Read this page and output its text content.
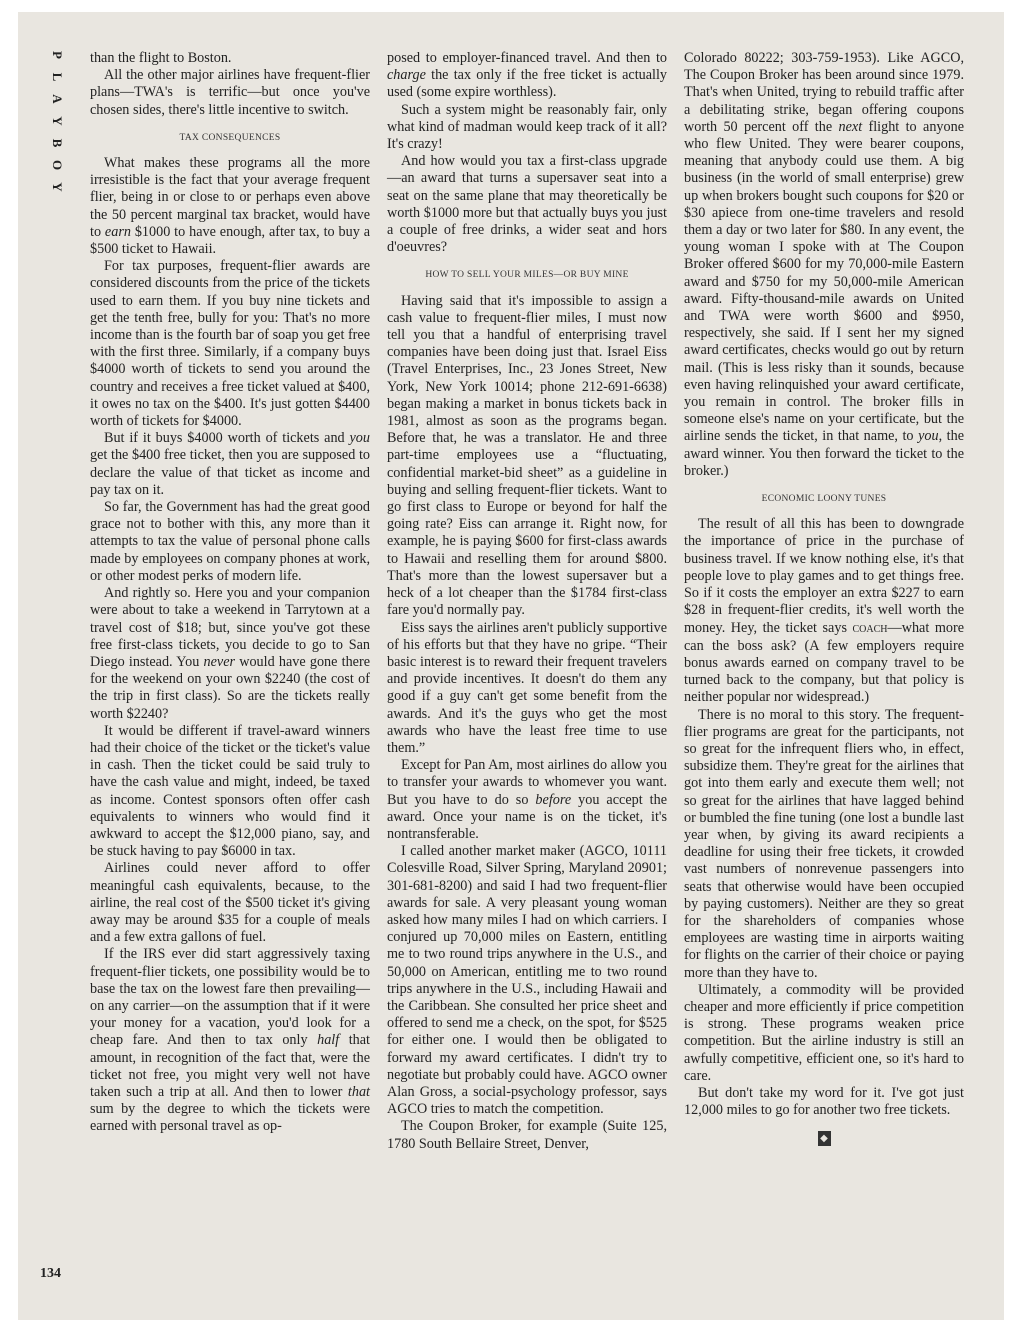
P
L
A
Y
B
O
Y

than the flight to Boston.

All the other major airlines have frequent-flier plans—TWA's is terrific—but once you've chosen sides, there's little incentive to switch.

TAX CONSEQUENCES

What makes these programs all the more irresistible is the fact that your average frequent flier, being in or close to or perhaps even above the 50 percent marginal tax bracket, would have to earn $1000 to have enough, after tax, to buy a $500 ticket to Hawaii.

For tax purposes, frequent-flier awards are considered discounts from the price of the tickets used to earn them. If you buy nine tickets and get the tenth free, bully for you: That's no more income than is the fourth bar of soap you get free with the first three. Similarly, if a company buys $4000 worth of tickets to send you around the country and receives a free ticket valued at $400, it owes no tax on the $400. It's just gotten $4400 worth of tickets for $4000.

But if it buys $4000 worth of tickets and you get the $400 free ticket, then you are supposed to declare the value of that ticket as income and pay tax on it.

So far, the Government has had the great good grace not to bother with this, any more than it attempts to tax the value of personal phone calls made by employees on company phones at work, or other modest perks of modern life.

And rightly so. Here you and your companion were about to take a weekend in Tarrytown at a travel cost of $18; but, since you've got these free first-class tickets, you decide to go to San Diego instead. You never would have gone there for the weekend on your own $2240 (the cost of the trip in first class). So are the tickets really worth $2240?

It would be different if travel-award winners had their choice of the ticket or the ticket's value in cash. Then the ticket could be said truly to have the cash value and might, indeed, be taxed as income. Contest sponsors often offer cash equivalents to winners who would find it awkward to accept the $12,000 piano, say, and be stuck having to pay $6000 in tax.

Airlines could never afford to offer meaningful cash equivalents, because, to the airline, the real cost of the $500 ticket it's giving away may be around $35 for a couple of meals and a few extra gallons of fuel.

If the IRS ever did start aggressively taxing frequent-flier tickets, one possibility would be to base the tax on the lowest fare then prevailing—on any carrier—on the assumption that if it were your money for a vacation, you'd look for a cheap fare. And then to tax only half that amount, in recognition of the fact that, were the ticket not free, you might very well not have taken such a trip at all. And then to lower that sum by the degree to which the tickets were earned with personal travel as op-

posed to employer-financed travel. And then to charge the tax only if the free ticket is actually used (some expire worthless).

Such a system might be reasonably fair, only what kind of madman would keep track of it all? It's crazy!

And how would you tax a first-class upgrade—an award that turns a supersaver seat into a seat on the same plane that may theoretically be worth $1000 more but that actually buys you just a couple of free drinks, a wider seat and hors d'oeuvres?

HOW TO SELL YOUR MILES—OR BUY MINE

Having said that it's impossible to assign a cash value to frequent-flier miles, I must now tell you that a handful of enterprising travel companies have been doing just that. Israel Eiss (Travel Enterprises, Inc., 23 Jones Street, New York, New York 10014; phone 212-691-6638) began making a market in bonus tickets back in 1981, almost as soon as the programs began. Before that, he was a translator. He and three part-time employees use a “fluctuating, confidential market-bid sheet” as a guideline in buying and selling frequent-flier tickets. Want to go first class to Europe or beyond for half the going rate? Eiss can arrange it. Right now, for example, he is paying $600 for first-class awards to Hawaii and reselling them for around $800. That's more than the lowest supersaver but a heck of a lot cheaper than the $1784 first-class fare you'd normally pay.

Eiss says the airlines aren't publicly supportive of his efforts but that they have no gripe. “Their basic interest is to reward their frequent travelers and provide incentives. It doesn't do them any good if a guy can't get some benefit from the awards. And it's the guys who get the most awards who have the least free time to use them.”

Except for Pan Am, most airlines do allow you to transfer your awards to whomever you want. But you have to do so before you accept the award. Once your name is on the ticket, it's nontransferable.

I called another market maker (AGCO, 10111 Colesville Road, Silver Spring, Maryland 20901; 301-681-8200) and said I had two frequent-flier awards for sale. A very pleasant young woman asked how many miles I had on which carriers. I conjured up 70,000 miles on Eastern, entitling me to two round trips anywhere in the U.S., and 50,000 on American, entitling me to two round trips anywhere in the U.S., including Hawaii and the Caribbean. She consulted her price sheet and offered to send me a check, on the spot, for $525 for either one. I would then be obligated to forward my award certificates. I didn't try to negotiate but probably could have. AGCO owner Alan Gross, a social-psychology professor, says AGCO tries to match the competition.

The Coupon Broker, for example (Suite 125, 1780 South Bellaire Street, Denver,

Colorado 80222; 303-759-1953). Like AGCO, The Coupon Broker has been around since 1979. That's when United, trying to rebuild traffic after a debilitating strike, began offering coupons worth 50 percent off the next flight to anyone who flew United. They were bearer coupons, meaning that anybody could use them. A big business (in the world of small enterprise) grew up when brokers bought such coupons for $20 or $30 apiece from one-time travelers and resold them a day or two later for $80. In any event, the young woman I spoke with at The Coupon Broker offered $600 for my 70,000-mile Eastern award and $750 for my 50,000-mile American award. Fifty-thousand-mile awards on United and TWA were worth $600 and $950, respectively, she said. If I sent her my signed award certificates, checks would go out by return mail. (This is less risky than it sounds, because even having relinquished your award certificate, you remain in control. The broker fills in someone else's name on your certificate, but the airline sends the ticket, in that name, to you, the award winner. You then forward the ticket to the broker.)

ECONOMIC LOONY TUNES

The result of all this has been to downgrade the importance of price in the purchase of business travel. If we know nothing else, it's that people love to play games and to get things free. So if it costs the employer an extra $227 to earn $28 in frequent-flier credits, it's well worth the money. Hey, the ticket says COACH—what more can the boss ask? (A few employers require bonus awards earned on company travel to be turned back to the company, but that policy is neither popular nor widespread.)

There is no moral to this story. The frequent-flier programs are great for the participants, not so great for the infrequent fliers who, in effect, subsidize them. They're great for the airlines that got into them early and execute them well; not so great for the airlines that have lagged behind or bumbled the fine tuning (one lost a bundle last year when, by giving its award recipients a deadline for using their free tickets, it crowded vast numbers of nonrevenue passengers into seats that otherwise would have been occupied by paying customers). Neither are they so great for the shareholders of companies whose employees are wasting time in airports waiting for flights on the carrier of their choice or paying more than they have to.

Ultimately, a commodity will be provided cheaper and more efficiently if price competition is strong. These programs weaken price competition. But the airline industry is still an awfully competitive, efficient one, so it's hard to care.

But don't take my word for it. I've got just 12,000 miles to go for another two free tickets.

◆
134
